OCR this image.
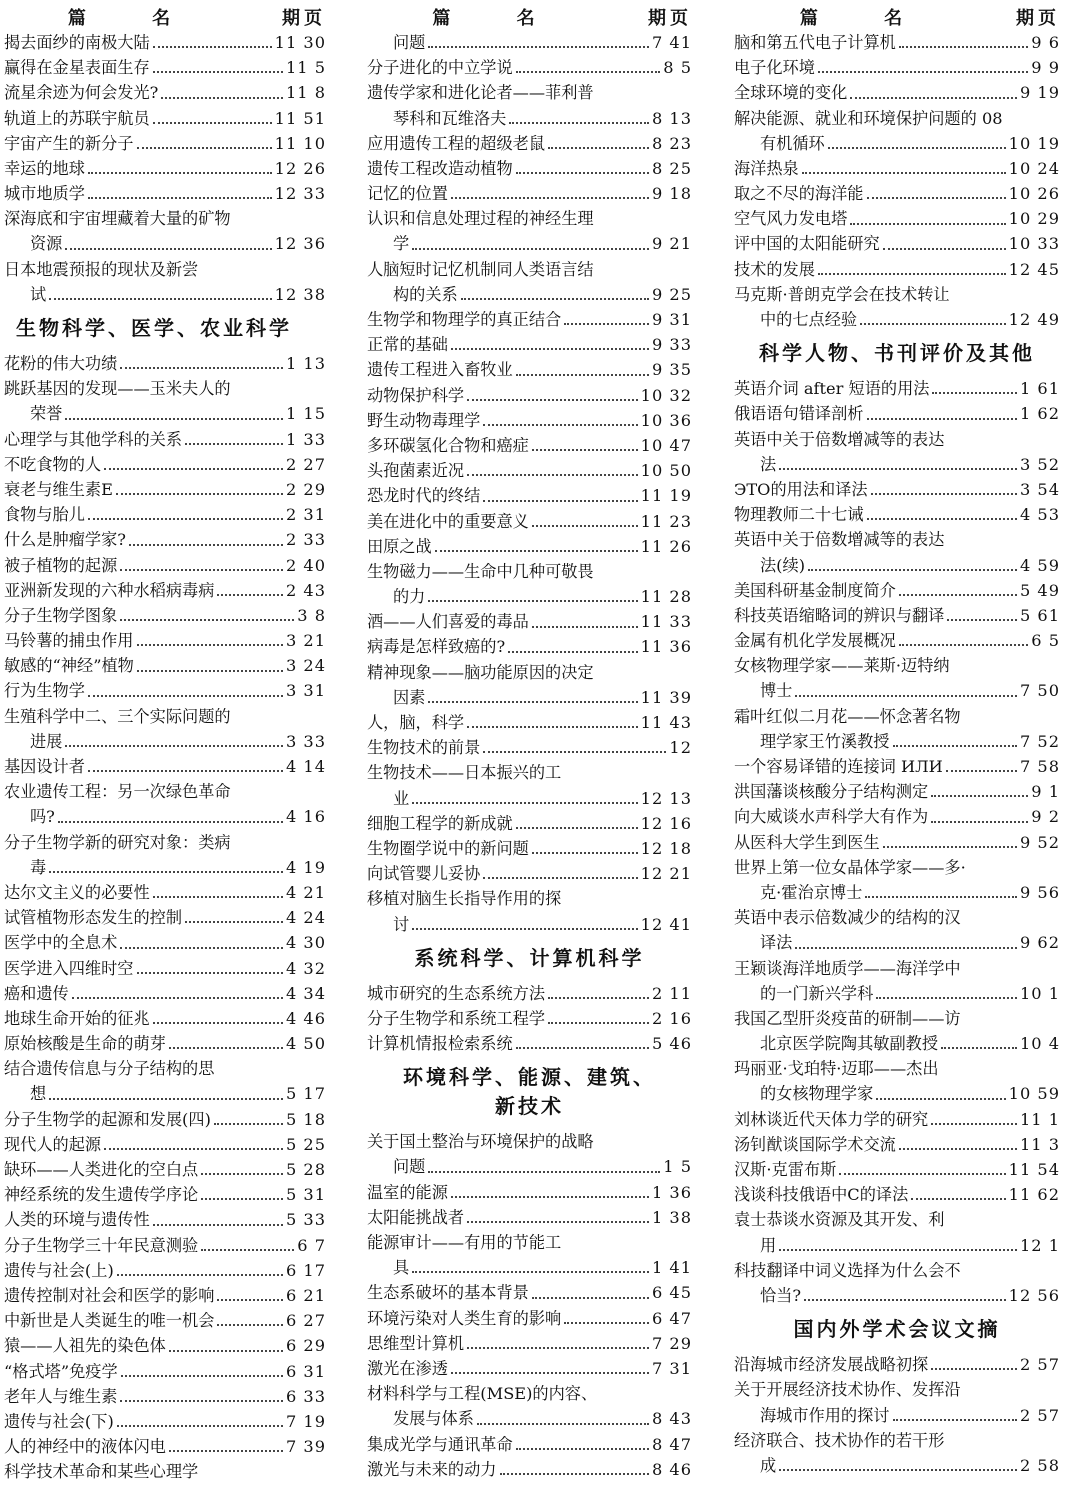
篇 名	期页
揭去面纱的南极大陆	11 30
赢得在金星表面生存	11 5
流星余迹为何会发光?	11 8
轨道上的苏联宇航员	11 51
宇宙产生的新分子	11 10
幸运的地球	12 26
城市地质学	12 33
深海底和宇宙埋藏着大量的矿物
资源	12 36
日本地震预报的现状及新尝
试	12 38
生物科学、医学、农业科学
花粉的伟大功绩	1 13
跳跃基因的发现——玉米夫人的
荣誉	1 15
心理学与其他学科的关系	1 33
不吃食物的人	2 27
衰老与维生素E	2 29
食物与胎儿	2 31
什么是肿瘤学家?	2 33
被子植物的起源	2 40
亚洲新发现的六种水稻病毒病	2 43
分子生物学图象	3 8
马铃薯的捕虫作用	3 21
敏感的“神经”植物	3 24
行为生物学	3 31
生殖科学中二、三个实际问题的
进展	3 33
基因设计者	4 14
农业遗传工程：另一次绿色革命
吗?	4 16
分子生物学新的研究对象：类病
毒	4 19
达尔文主义的必要性	4 21
试管植物形态发生的控制	4 24
医学中的全息术	4 30
医学进入四维时空	4 32
癌和遗传	4 34
地球生命开始的征兆	4 46
原始核酸是生命的萌芽	4 50
结合遗传信息与分子结构的思
想	5 17
分子生物学的起源和发展(四)	5 18
现代人的起源	5 25
缺环——人类进化的空白点	5 28
神经系统的发生遗传学序论	5 31
人类的环境与遗传性	5 33
分子生物学三十年民意测验	6 7
遗传与社会(上)	6 17
遗传控制对社会和医学的影响	6 21
中新世是人类诞生的唯一机会	6 27
猿——人祖先的染色体	6 29
“格式塔”免疫学	6 31
老年人与维生素	6 33
遗传与社会(下)	7 19
人的神经中的液体闪电	7 39
科学技术革命和某些心理学
篇 名	期页
问题	7 41
分子进化的中立学说	8 5
遗传学家和进化论者——菲利普
琴科和瓦维洛夫	8 13
应用遗传工程的超级老鼠	8 23
遗传工程改造动植物	8 25
记忆的位置	9 18
认识和信息处理过程的神经生理
学	9 21
人脑短时记忆机制同人类语言结
构的关系	9 25
生物学和物理学的真正结合	9 31
正常的基础	9 33
遗传工程进入畜牧业	9 35
动物保护科学	10 32
野生动物毒理学	10 36
多环碳氢化合物和癌症	10 47
头孢菌素近况	10 50
恐龙时代的终结	11 19
美在进化中的重要意义	11 23
田原之战	11 26
生物磁力——生命中几种可敬畏
的力	11 28
酒——人们喜爱的毒品	11 33
病毒是怎样致癌的?	11 36
精神现象——脑功能原因的决定
因素	11 39
人，脑，科学	11 43
生物技术的前景	12
生物技术——日本振兴的工
业	12 13
细胞工程学的新成就	12 16
生物圈学说中的新问题	12 18
向试管婴儿妥协	12 21
移植对脑生长指导作用的探
讨	12 41
系统科学、计算机科学
城市研究的生态系统方法	2 11
分子生物学和系统工程学	2 16
计算机情报检索系统	5 46
环境科学、能源、建筑、
新技术
关于国土整治与环境保护的战略
问题	1 5
温室的能源	1 36
太阳能挑战者	1 38
能源审计——有用的节能工
具	1 41
生态系破坏的基本背景	6 45
环境污染对人类生育的影响	6 47
思维型计算机	7 29
激光在渗透	7 31
材料科学与工程(MSE)的内容、
发展与体系	8 43
集成光学与通讯革命	8 47
激光与未来的动力	8 46
篇 名	期页
脑和第五代电子计算机	9 6
电子化环境	9 9
全球环境的变化	9 19
解决能源、就业和环境保护问题的 08
有机循环	10 19
海洋热泉	10 24
取之不尽的海洋能	10 26
空气风力发电塔	10 29
评中国的太阳能研究	10 33
技术的发展	12 45
马克斯·普朗克学会在技术转让
中的七点经验	12 49
科学人物、书刊评价及其他
英语介词 after 短语的用法	1 61
俄语语句错译剖析	1 62
英语中关于倍数增减等的表达
法	3 52
ЭТО的用法和译法	3 54
物理教师二十七诫	4 53
英语中关于倍数增减等的表达
法(续)	4 59
美国科研基金制度简介	5 49
科技英语缩略词的辨识与翻译	5 61
金属有机化学发展概况	6 5
女核物理学家——莱斯·迈特纳
博士	7 50
霜叶红似二月花——怀念著名物
理学家王竹溪教授	7 52
一个容易译错的连接词 ИЛИ	7 58
洪国藩谈核酸分子结构测定	9 1
向大威谈水声科学大有作为	9 2
从医科大学生到医生	9 52
世界上第一位女晶体学家——多·
克·霍治京博士	9 56
英语中表示倍数减少的结构的汉
译法	9 62
王颖谈海洋地质学——海洋学中
的一门新兴学科	10 1
我国乙型肝炎疫苗的研制——访
北京医学院陶其敏副教授	10 4
玛丽亚·戈珀特·迈耶——杰出
的女核物理学家	10 59
刘林谈近代天体力学的研究	11 1
汤钊猷谈国际学术交流	11 3
汉斯·克雷布斯	11 54
浅谈科技俄语中С的译法	11 62
袁士恭谈水资源及其开发、利
用	12 1
科技翻译中词义选择为什么会不
恰当?	12 56
国内外学术会议文摘
沿海城市经济发展战略初探	2 57
关于开展经济技术协作、发挥沿
海城市作用的探讨	2 57
经济联合、技术协作的若干形
成	2 58
